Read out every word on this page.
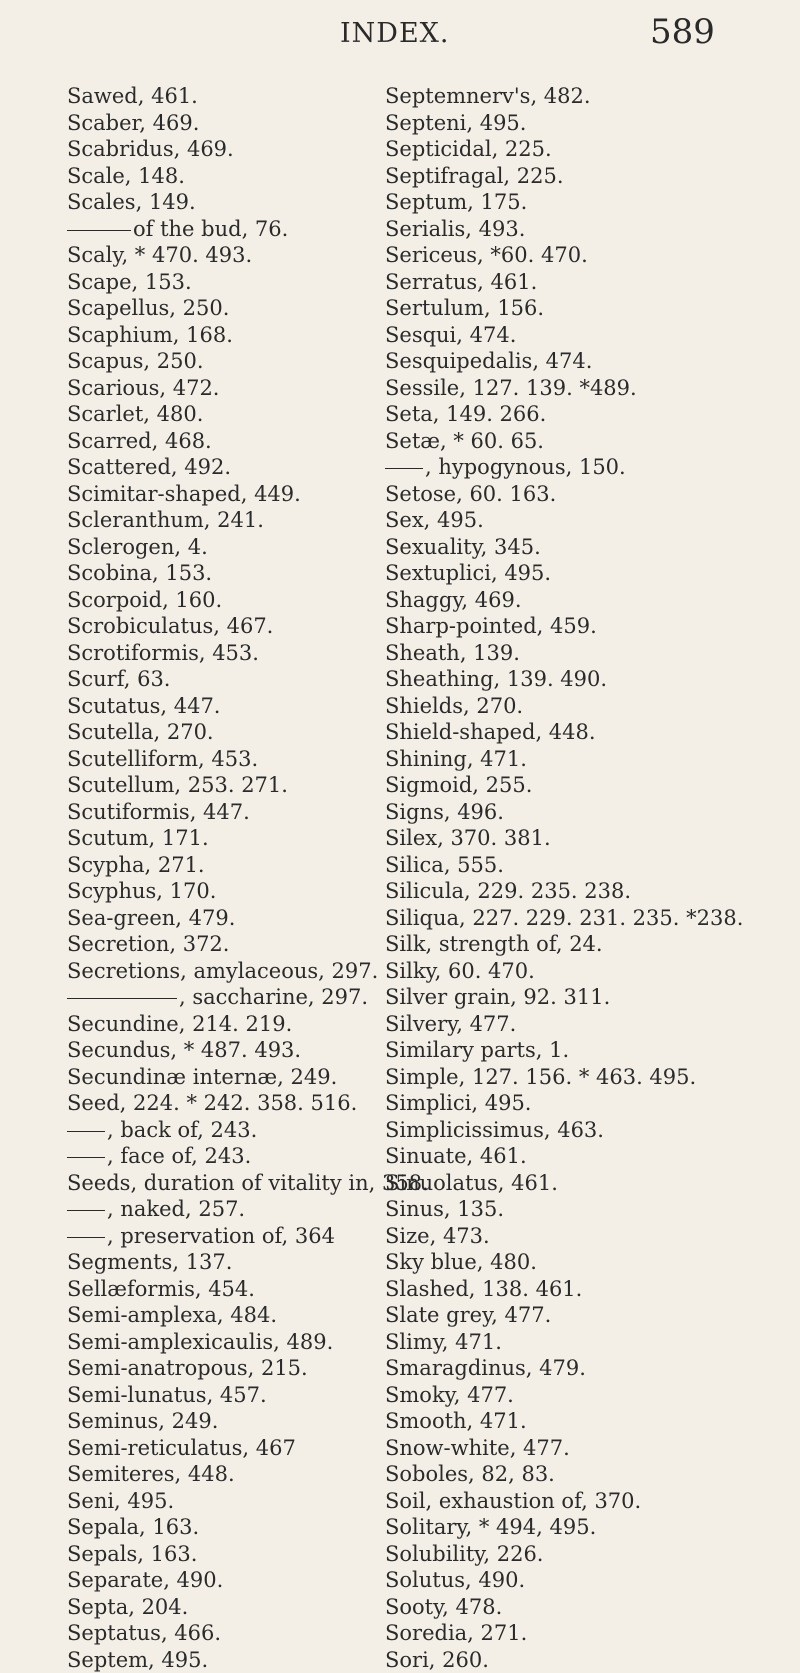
INDEX.	589
Sawed, 461.
Scaber, 469.
Scabridus, 469.
Scale, 148.
Scales, 149.
of the bud, 76.
Scaly, * 470. 493.
Scape, 153.
Scapellus, 250.
Scaphium, 168.
Scapus, 250.
Scarious, 472.
Scarlet, 480.
Scarred, 468.
Scattered, 492.
Scimitar-shaped, 449.
Scleranthum, 241.
Sclerogen, 4.
Scobina, 153.
Scorpoid, 160.
Scrobiculatus, 467.
Scrotiformis, 453.
Scurf, 63.
Scutatus, 447.
Scutella, 270.
Scutelliform, 453.
Scutellum, 253. 271.
Scutiformis, 447.
Scutum, 171.
Scypha, 271.
Scyphus, 170.
Sea-green, 479.
Secretion, 372.
Secretions, amylaceous, 297.
, saccharine, 297.
Secundine, 214. 219.
Secundus, * 487. 493.
Secundinæ internæ, 249.
Seed, 224. * 242. 358. 516.
, back of, 243.
, face of, 243.
Seeds, duration of vitality in, 358.
, naked, 257.
, preservation of, 364
Segments, 137.
Sellæformis, 454.
Semi-amplexa, 484.
Semi-amplexicaulis, 489.
Semi-anatropous, 215.
Semi-lunatus, 457.
Seminus, 249.
Semi-reticulatus, 467
Semiteres, 448.
Seni, 495.
Sepala, 163.
Sepals, 163.
Separate, 490.
Septa, 204.
Septatus, 466.
Septem, 495.
Septemnerv's, 482.
Septeni, 495.
Septicidal, 225.
Septifragal, 225.
Septum, 175.
Serialis, 493.
Sericeus, *60. 470.
Serratus, 461.
Sertulum, 156.
Sesqui, 474.
Sesquipedalis, 474.
Sessile, 127. 139. *489.
Seta, 149. 266.
Setæ, * 60. 65.
, hypogynous, 150.
Setose, 60. 163.
Sex, 495.
Sexuality, 345.
Sextuplici, 495.
Shaggy, 469.
Sharp-pointed, 459.
Sheath, 139.
Sheathing, 139. 490.
Shields, 270.
Shield-shaped, 448.
Shining, 471.
Sigmoid, 255.
Signs, 496.
Silex, 370. 381.
Silica, 555.
Silicula, 229. 235. 238.
Siliqua, 227. 229. 231. 235. *238.
Silk, strength of, 24.
Silky, 60. 470.
Silver grain, 92. 311.
Silvery, 477.
Similary parts, 1.
Simple, 127. 156. * 463. 495.
Simplici, 495.
Simplicissimus, 463.
Sinuate, 461.
Sinuolatus, 461.
Sinus, 135.
Size, 473.
Sky blue, 480.
Slashed, 138. 461.
Slate grey, 477.
Slimy, 471.
Smaragdinus, 479.
Smoky, 477.
Smooth, 471.
Snow-white, 477.
Soboles, 82, 83.
Soil, exhaustion of, 370.
Solitary, * 494, 495.
Solubility, 226.
Solutus, 490.
Sooty, 478.
Soredia, 271.
Sori, 260.
